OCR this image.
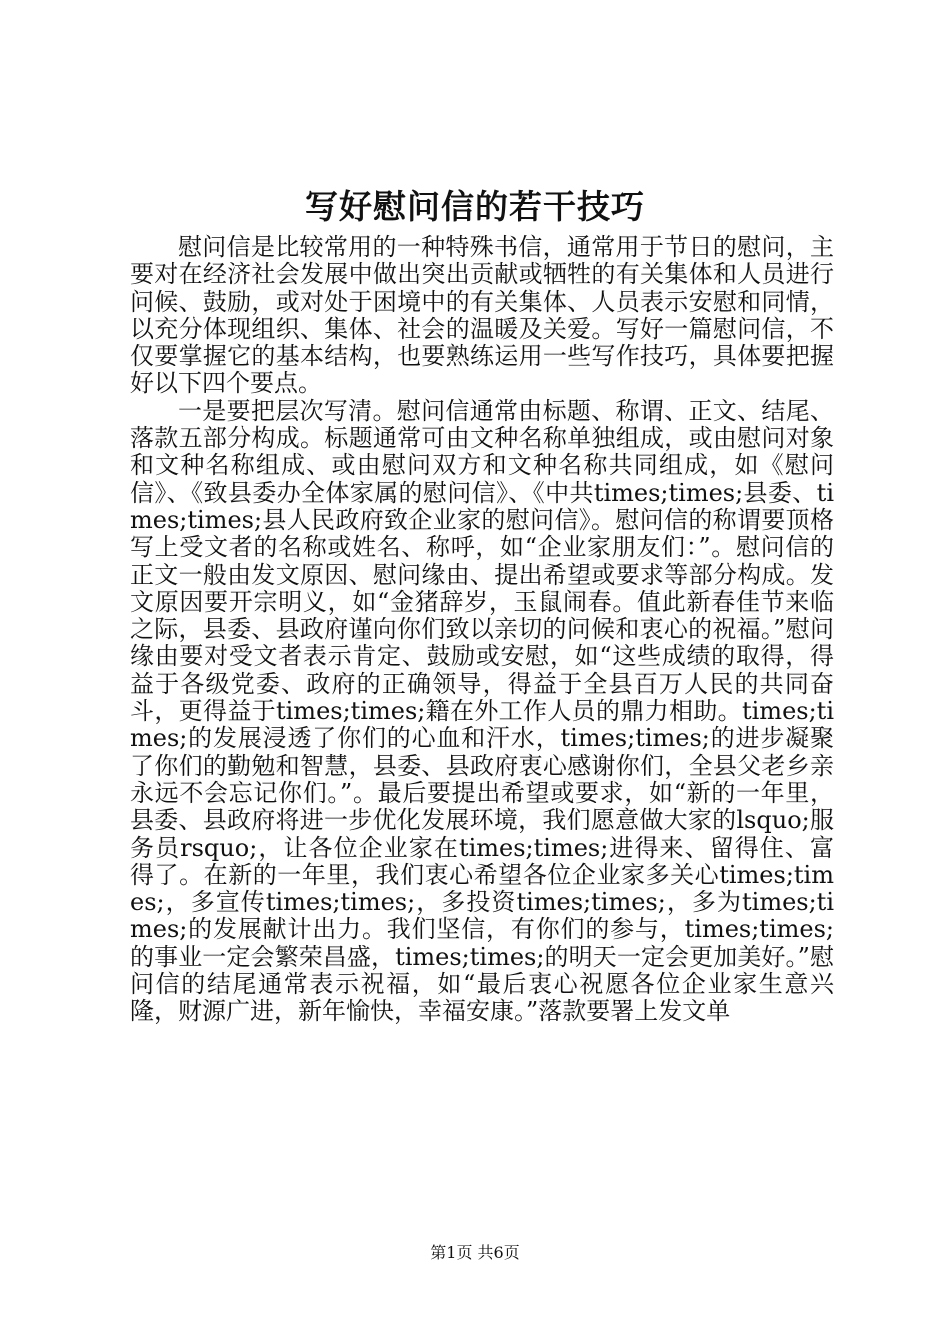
写好慰问信的若干技巧

慰问信是比较常用的一种特殊书信，通常用于节日的慰问，主要对在经济社会发展中做出突出贡献或牺牲的有关集体和人员进行问候、鼓励，或对处于困境中的有关集体、人员表示安慰和同情，以充分体现组织、集体、社会的温暖及关爱。写好一篇慰问信，不仅要掌握它的基本结构，也要熟练运用一些写作技巧，具体要把握好以下四个要点。

一是要把层次写清。慰问信通常由标题、称谓、正文、结尾、落款五部分构成。标题通常可由文种名称单独组成，或由慰问对象和文种名称组成、或由慰问双方和文种名称共同组成，如《慰问信》、《致县委办全体家属的慰问信》、《中共times;times;县委、times;times;县人民政府致企业家的慰问信》。慰问信的称谓要顶格写上受文者的名称或姓名、称呼，如“企业家朋友们：”。慰问信的正文一般由发文原因、慰问缘由、提出希望或要求等部分构成。发文原因要开宗明义，如“金猪辞岁，玉鼠闹春。值此新春佳节来临之际，县委、县政府谨向你们致以亲切的问候和衷心的祝福。”慰问缘由要对受文者表示肯定、鼓励或安慰，如“这些成绩的取得，得益于各级党委、政府的正确领导，得益于全县百万人民的共同奋斗，更得益于times;times;籍在外工作人员的鼎力相助。times;times;的发展浸透了你们的心血和汗水，times;times;的进步凝聚了你们的勤勉和智慧，县委、县政府衷心感谢你们，全县父老乡亲永远不会忘记你们。”。最后要提出希望或要求，如“新的一年里，县委、县政府将进一步优化发展环境，我们愿意做大家的lsquo;服务员rsquo;，让各位企业家在times;times;进得来、留得住、富得了。在新的一年里，我们衷心希望各位企业家多关心times;times;，多宣传times;times;，多投资times;times;，多为times;times;的发展献计出力。我们坚信，有你们的参与，times;times;的事业一定会繁荣昌盛，times;times;的明天一定会更加美好。”慰问信的结尾通常表示祝福，如“最后衷心祝愿各位企业家生意兴隆，财源广进，新年愉快，幸福安康。”落款要署上发文单

第1页 共6页
